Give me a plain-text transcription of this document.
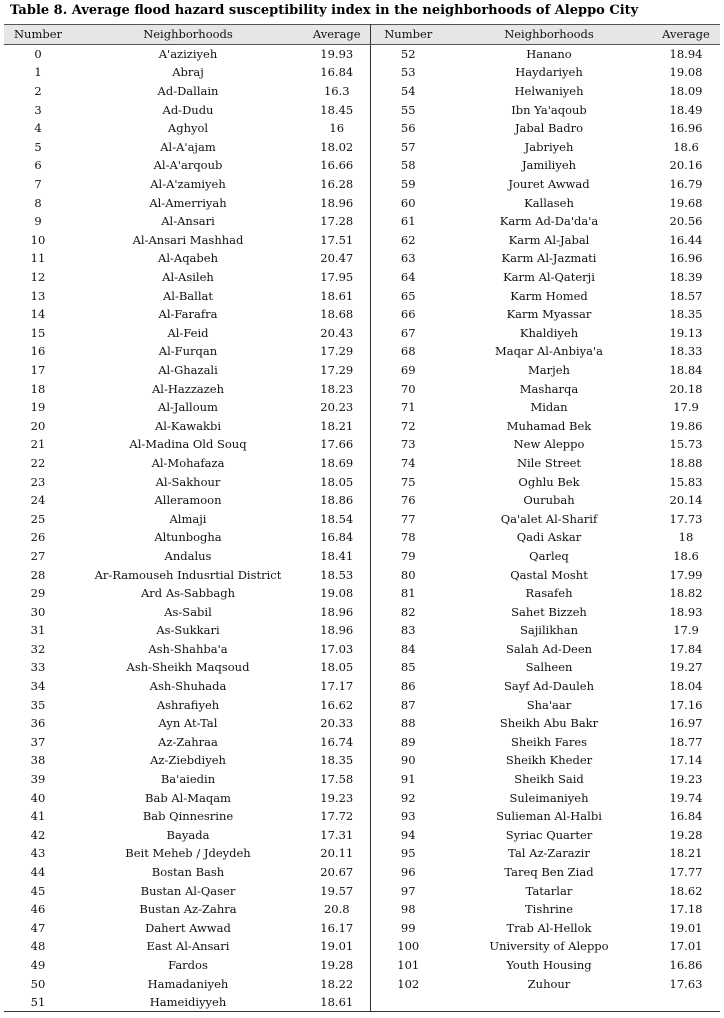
Table 8. Average flood hazard susceptibility index in the neighborhoods of Aleppo City
Number	Neighborhoods	Average	Number	Neighborhoods	Average
0	A'aziziyeh	19.93	52	Hanano	18.94
1	Abraj	16.84	53	Haydariyeh	19.08
2	Ad-Dallain	16.3	54	Helwaniyeh	18.09
3	Ad-Dudu	18.45	55	Ibn Ya'aqoub	18.49
4	Aghyol	16	56	Jabal Badro	16.96
5	Al-A'ajam	18.02	57	Jabriyeh	18.6
6	Al-A'arqoub	16.66	58	Jamiliyeh	20.16
7	Al-A'zamiyeh	16.28	59	Jouret Awwad	16.79
8	Al-Amerriyah	18.96	60	Kallaseh	19.68
9	Al-Ansari	17.28	61	Karm Ad-Da'da'a	20.56
10	Al-Ansari Mashhad	17.51	62	Karm Al-Jabal	16.44
11	Al-Aqabeh	20.47	63	Karm Al-Jazmati	16.96
12	Al-Asileh	17.95	64	Karm Al-Qaterji	18.39
13	Al-Ballat	18.61	65	Karm Homed	18.57
14	Al-Farafra	18.68	66	Karm Myassar	18.35
15	Al-Feid	20.43	67	Khaldiyeh	19.13
16	Al-Furqan	17.29	68	Maqar Al-Anbiya'a	18.33
17	Al-Ghazali	17.29	69	Marjeh	18.84
18	Al-Hazzazeh	18.23	70	Masharqa	20.18
19	Al-Jalloum	20.23	71	Midan	17.9
20	Al-Kawakbi	18.21	72	Muhamad Bek	19.86
21	Al-Madina Old Souq	17.66	73	New Aleppo	15.73
22	Al-Mohafaza	18.69	74	Nile Street	18.88
23	Al-Sakhour	18.05	75	Oghlu Bek	15.83
24	Alleramoon	18.86	76	Ourubah	20.14
25	Almaji	18.54	77	Qa'alet Al-Sharif	17.73
26	Altunbogha	16.84	78	Qadi Askar	18
27	Andalus	18.41	79	Qarleq	18.6
28	Ar-Ramouseh Indusrtial District	18.53	80	Qastal Mosht	17.99
29	Ard As-Sabbagh	19.08	81	Rasafeh	18.82
30	As-Sabil	18.96	82	Sahet Bizzeh	18.93
31	As-Sukkari	18.96	83	Sajilikhan	17.9
32	Ash-Shahba'a	17.03	84	Salah Ad-Deen	17.84
33	Ash-Sheikh Maqsoud	18.05	85	Salheen	19.27
34	Ash-Shuhada	17.17	86	Sayf Ad-Dauleh	18.04
35	Ashrafiyeh	16.62	87	Sha'aar	17.16
36	Ayn At-Tal	20.33	88	Sheikh Abu Bakr	16.97
37	Az-Zahraa	16.74	89	Sheikh Fares	18.77
38	Az-Ziebdiyeh	18.35	90	Sheikh Kheder	17.14
39	Ba'aiedin	17.58	91	Sheikh Said	19.23
40	Bab Al-Maqam	19.23	92	Suleimaniyeh	19.74
41	Bab Qinnesrine	17.72	93	Sulieman Al-Halbi	16.84
42	Bayada	17.31	94	Syriac Quarter	19.28
43	Beit Meheb / Jdeydeh	20.11	95	Tal Az-Zarazir	18.21
44	Bostan Bash	20.67	96	Tareq Ben Ziad	17.77
45	Bustan Al-Qaser	19.57	97	Tatarlar	18.62
46	Bustan Az-Zahra	20.8	98	Tishrine	17.18
47	Dahert Awwad	16.17	99	Trab Al-Hellok	19.01
48	East Al-Ansari	19.01	100	University of Aleppo	17.01
49	Fardos	19.28	101	Youth Housing	16.86
50	Hamadaniyeh	18.22	102	Zuhour	17.63
51	Hameidiyyeh	18.61			
